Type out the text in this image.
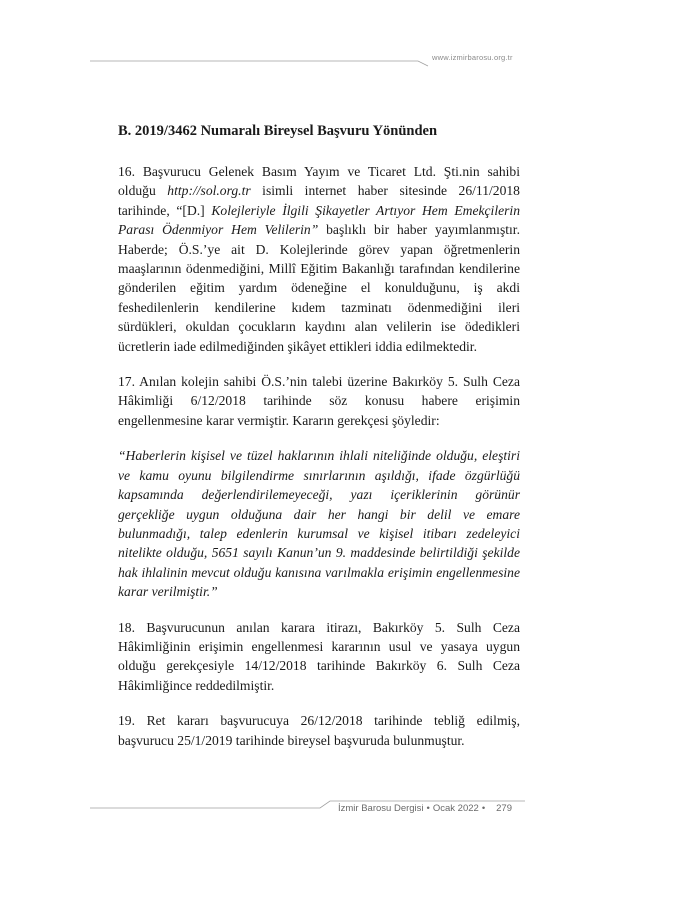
www.izmirbarosu.org.tr
B. 2019/3462 Numaralı Bireysel Başvuru Yönünden

16. Başvurucu Gelenek Basım Yayım ve Ticaret Ltd. Şti.nin sahibi olduğu http://sol.org.tr isimli internet haber sitesinde 26/11/2018 tarihinde, “[D.] Kolejleriyle İlgili Şikayetler Artıyor Hem Emekçilerin Parası Ödenmiyor Hem Velilerin” başlıklı bir haber yayımlanmıştır. Haberde; Ö.S.’ye ait D. Kolejlerinde görev yapan öğretmenlerin maaşlarının ödenmediğini, Millî Eğitim Bakanlığı tarafından kendilerine gönderilen eğitim yardım ödeneğine el konulduğunu, iş akdi feshedilenlerin kendilerine kıdem tazminatı ödenmediğini ileri sürdükleri, okuldan çocukların kaydını alan velilerin ise ödedikleri ücretlerin iade edilmediğinden şikâyet ettikleri iddia edilmektedir.

17. Anılan kolejin sahibi Ö.S.’nin talebi üzerine Bakırköy 5. Sulh Ceza Hâkimliği 6/12/2018 tarihinde söz konusu habere erişimin engellenmesine karar vermiştir. Kararın gerekçesi şöyledir:

“Haberlerin kişisel ve tüzel haklarının ihlali niteliğinde olduğu, eleştiri ve kamu oyunu bilgilendirme sınırlarının aşıldığı, ifade özgürlüğü kapsamında değerlendirilemeyeceği, yazı içeriklerinin görünür gerçekliğe uygun olduğuna dair her hangi bir delil ve emare bulunmadığı, talep edenlerin kurumsal ve kişisel itibarı zedeleyici nitelikte olduğu, 5651 sayılı Kanun’un 9. maddesinde belirtildiği şekilde hak ihlalinin mevcut olduğu kanısına varılmakla erişimin engellenmesine karar verilmiştir.”

18. Başvurucunun anılan karara itirazı, Bakırköy 5. Sulh Ceza Hâkimliğinin erişimin engellenmesi kararının usul ve yasaya uygun olduğu gerekçesiyle 14/12/2018 tarihinde Bakırköy 6. Sulh Ceza Hâkimliğince reddedilmiştir.

19. Ret kararı başvurucuya 26/12/2018 tarihinde tebliğ edilmiş, başvurucu 25/1/2019 tarihinde bireysel başvuruda bulunmuştur.

İzmir Barosu Dergisi • Ocak 2022 • 279
